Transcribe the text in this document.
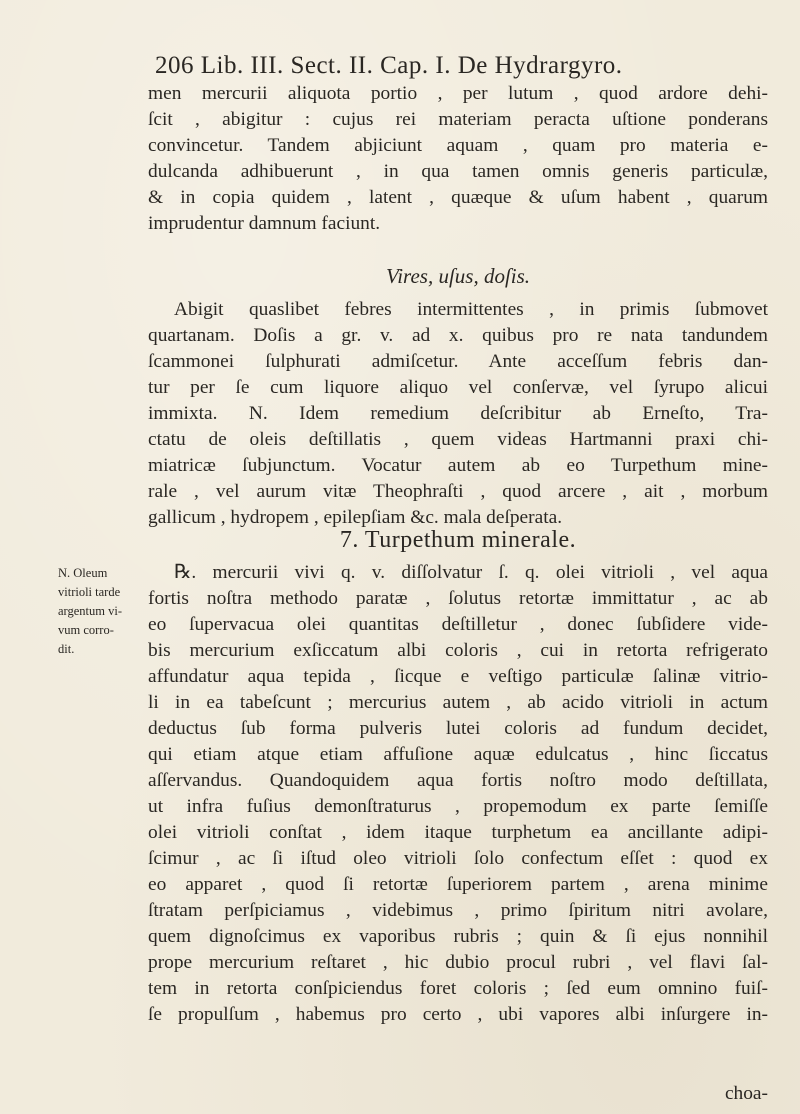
206 Lib. III. Sect. II. Cap. I. De Hydrargyro.
men mercurii aliquota portio , per lutum , quod ardore dehi-
ſcit , abigitur : cujus rei materiam peracta uſtione ponderans
convincetur. Tandem abjiciunt aquam , quam pro materia e-
dulcanda adhibuerunt , in qua tamen omnis generis particulæ,
& in copia quidem , latent , quæque & uſum habent , quarum
imprudentur damnum faciunt.
Vires, uſus, doſis.
Abigit quaslibet febres intermittentes , in primis ſubmovet
quartanam. Doſis a gr. v. ad x. quibus pro re nata tandundem
ſcammonei ſulphurati admiſcetur. Ante acceſſum febris dan-
tur per ſe cum liquore aliquo vel conſervæ, vel ſyrupo alicui
immixta. N. Idem remedium deſcribitur ab Erneſto, Tra-
ctatu de oleis deſtillatis , quem videas Hartmanni praxi chi-
miatricæ ſubjunctum. Vocatur autem ab eo Turpethum mine-
rale , vel aurum vitæ Theophraſti , quod arcere , ait , morbum
gallicum , hydropem , epilepſiam &c. mala deſperata.
7. Turpethum minerale.
N. Oleum
vitrioli tarde
argentum vi-
vum corro-
dit.
℞. mercurii vivi q. v. diſſolvatur ſ. q. olei vitrioli , vel aqua
fortis noſtra methodo paratæ , ſolutus retortæ immittatur , ac ab
eo ſupervacua olei quantitas deſtilletur , donec ſubſidere vide-
bis mercurium exſiccatum albi coloris , cui in retorta refrigerato
affundatur aqua tepida , ſicque e veſtigo particulæ ſalinæ vitrio-
li in ea tabeſcunt ; mercurius autem , ab acido vitrioli in actum
deductus ſub forma pulveris lutei coloris ad fundum decidet,
qui etiam atque etiam affuſione aquæ edulcatus , hinc ſiccatus
aſſervandus. Quandoquidem aqua fortis noſtro modo deſtillata,
ut infra fuſius demonſtraturus , propemodum ex parte ſemiſſe
olei vitrioli conſtat , idem itaque turphetum ea ancillante adipi-
ſcimur , ac ſi iſtud oleo vitrioli ſolo confectum eſſet : quod ex
eo apparet , quod ſi retortæ ſuperiorem partem , arena minime
ſtratam perſpiciamus , videbimus , primo ſpiritum nitri avolare,
quem dignoſcimus ex vaporibus rubris ; quin & ſi ejus nonnihil
prope mercurium reſtaret , hic dubio procul rubri , vel flavi ſal-
tem in retorta conſpiciendus foret coloris ; ſed eum omnino fuiſ-
ſe propulſum , habemus pro certo , ubi vapores albi inſurgere in-
choa-
